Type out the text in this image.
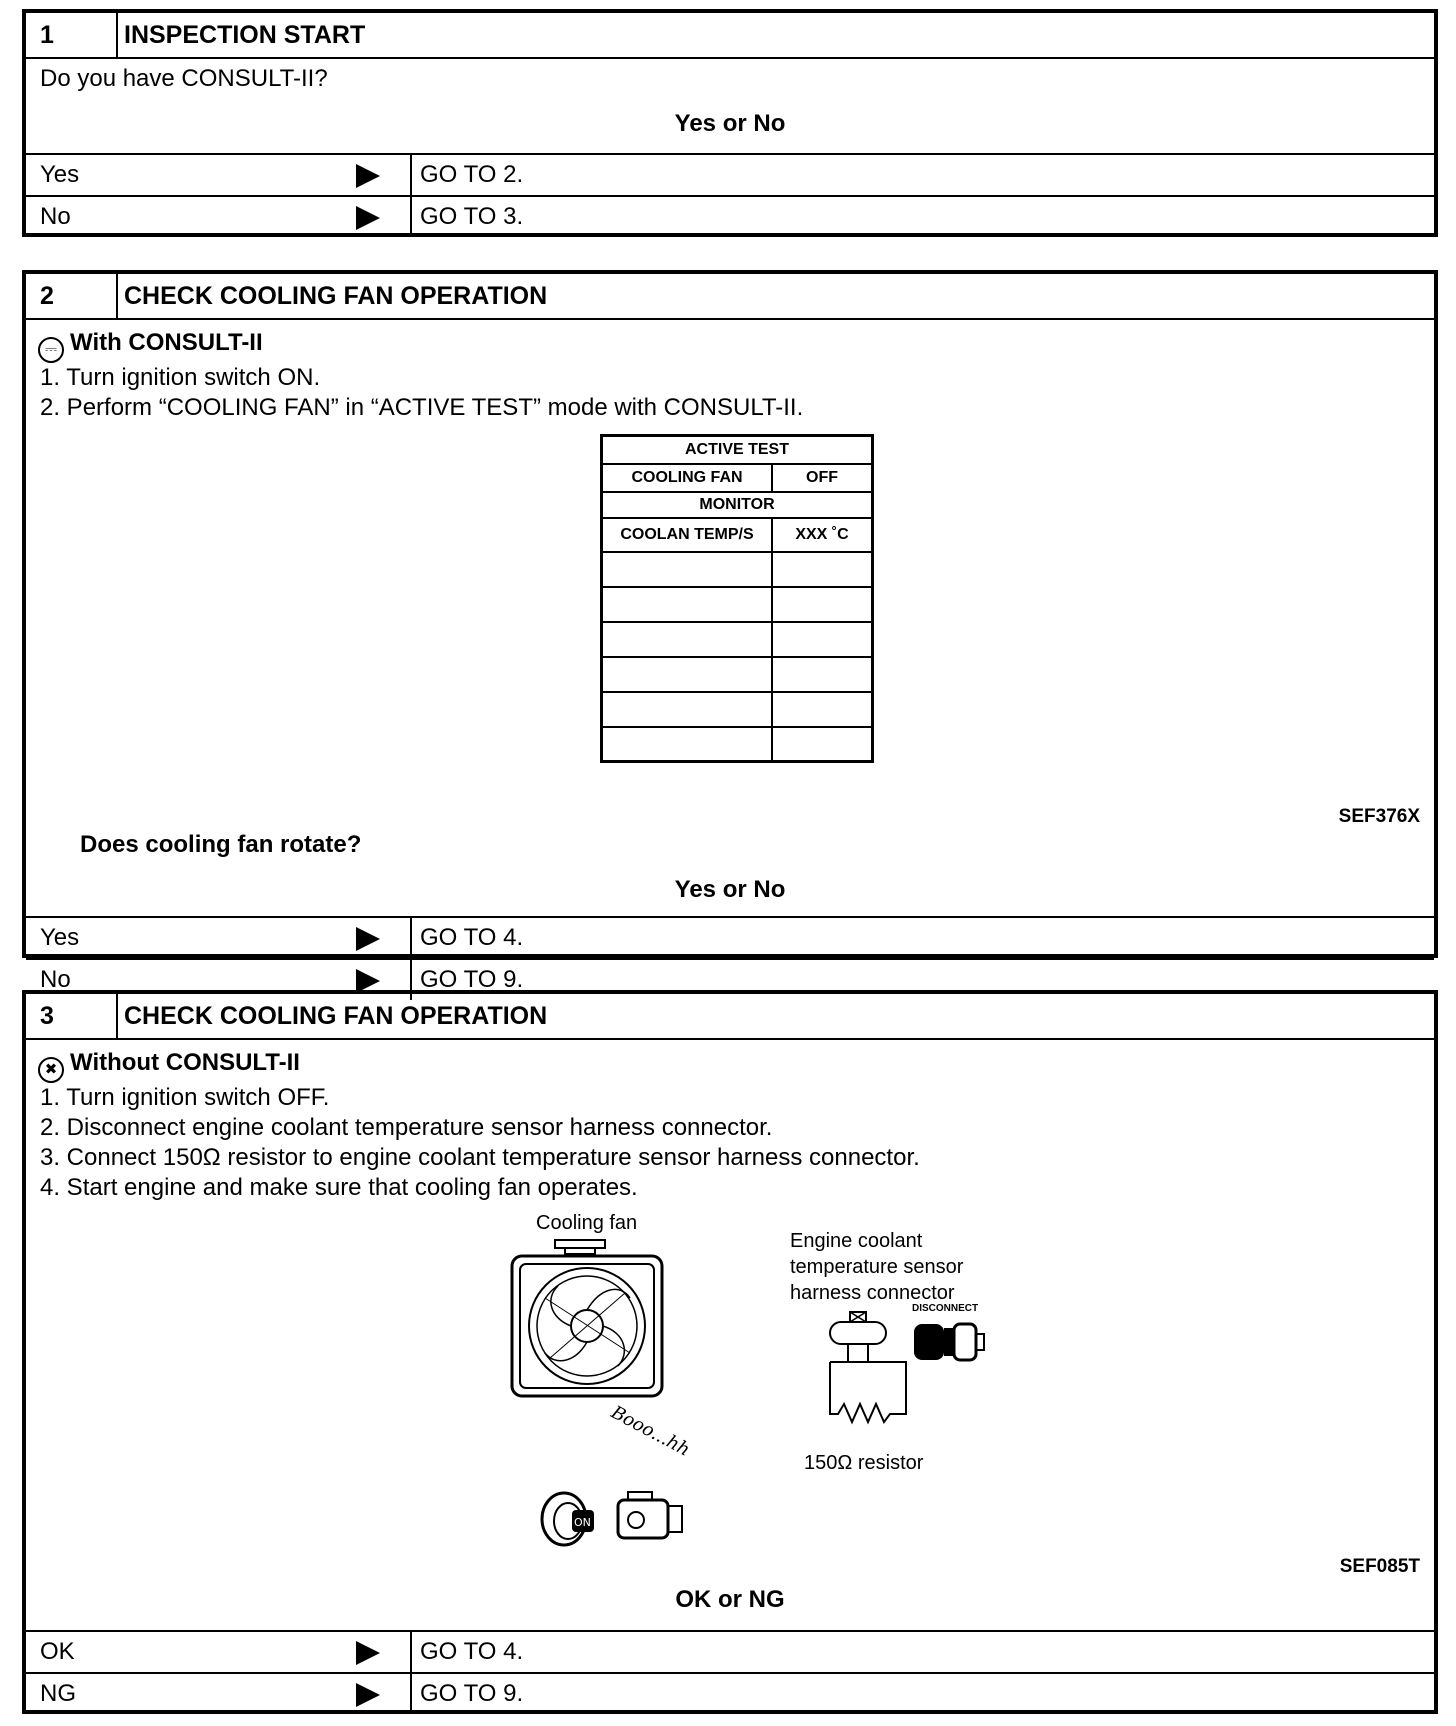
1	INSPECTION START
Do you have CONSULT-II?
Yes or No
Yes	GO TO 2.
No	GO TO 3.
2	CHECK COOLING FAN OPERATION
⎓ With CONSULT-II
1. Turn ignition switch ON.
2. Perform “COOLING FAN” in “ACTIVE TEST” mode with CONSULT-II.
ACTIVE TEST	
COOLING FAN	OFF
MONITOR	
COOLAN TEMP/S	XXX ˚C

SEF376X
Does cooling fan rotate?
Yes or No
Yes	GO TO 4.
No	GO TO 9.
3	CHECK COOLING FAN OPERATION
✖ Without CONSULT-II
1. Turn ignition switch OFF.
2. Disconnect engine coolant temperature sensor harness connector.
3. Connect 150Ω resistor to engine coolant temperature sensor harness connector.
4. Start engine and make sure that cooling fan operates.
Cooling fan
Booo...hh
ON
Engine coolant
temperature sensor
harness connector
DISCONNECT
150Ω resistor
SEF085T
OK or NG
OK	GO TO 4.
NG	GO TO 9.
